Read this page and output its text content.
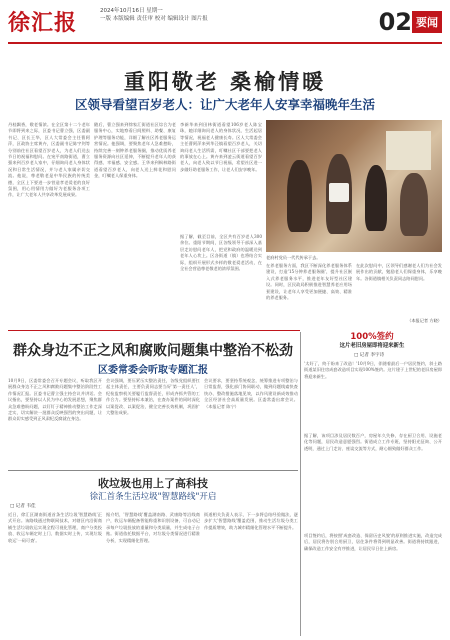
徐汇报	2024年10月16日 星期一
一版 本版编辑 责任审 校对 编辑设计 图片报	02 要闻
重阳敬老 桑榆情暖
区领导看望百岁老人：让广大老年人安享幸福晚年生活
丹桂飘香，敬老情浓。在全区第十二个老年节即将到来之际，区委书记曹立强，区委副书记、区长王华，区人大常委会主任曹阿萍，区政协主席黄卉，区委副书记陈宇剑等分别前往社区看望百岁老人，为老人们送去节日的祝福和慰问。在宛平南路街道，曹立强来到百岁老人家中，仔细询问老人身体状况和日常生活情况，并与老人家属亲切交流。他说，尊老敬老是中华民族的传统美德，全区上下要进一步营造孝老爱老的良好氛围，用心用情用力做好为老服务各项工作，让广大老年人共享改革发展成果。
随后，曹立强来到徐家汇街道社区综合为老服务中心，实地察看日间照料、助餐、康复护理等服务功能，详细了解社区养老服务运营情况。他强调，要聚焦老年人急难愁盼，持续完善一刻钟养老服务圈，推动优质养老服务资源向社区延伸，不断提升老年人的获得感、幸福感、安全感。王华来到枫林路街道看望百岁老人，向老人送上鲜花和慰问金，叮嘱老人保重身体。
李新华来到田林街道看望106岁老人陈宝珠，她详细询问老人的身体状况、生活起居等情况，祝福老人健康长寿。区人大常委会主任曹阿萍来到华泾镇看望百岁老人，关切询问老人生活所需，叮嘱社区干部要把老人的事放在心上。黄卉来到凌云街道看望百岁老人，向老人致以节日祝福，希望社区进一步做好助老服务工作，让老人们安享晚年。
据了解，截至目前，全区共有百岁老人300余位。重阳节期间，区各级领导干部深入基层走访慰问老年人，把党和政府的温暖送到老年人心坎上。区各街道（镇）也将结合实际，组织开展形式多样的敬老爱老活动，在全社会营造尊老敬老的浓厚氛围。
老府村党员一代代传承于去。
在养老服务方面，我区不断深化养老服务体系建设，打造'15分钟养老服务圈'，提升社区嵌入式养老服务水平，推进老年友好型社区建设。同时，区民政局积极推进智慧养老应用场景建设，让老年人享受更加便捷、高效、精准的养老服务。
在此次慰问中，区领导们感谢老人们为社会发展作出的贡献，勉励老人们保重身体，乐享晚年。各街道镇相关负责同志陪同慰问。
（本报记者 方晓）
群众身边不正之风和腐败问题集中整治不松劲
区委常委会听取专题汇报
10月9日，区委常委会召开专题会议，听取我区开展群众身边不正之风和腐败问题集中整治阶段性工作情况汇报。区委书记曹立强主持会议并讲话。会议指出，要坚持以人民为中心的发展思想，聚焦群众急难愁盼问题，以钉钉子精神推动整治工作走深走实，切实解决一批群众反映强烈的突出问题，让群众切实感受到正风肃纪反腐就在身边。
会议强调，要压紧压实整治责任，各级党组织要扛起主体责任，主要负责同志要当好'第一责任人'，纪检监察机关要履行监督责任，形成齐抓共管的工作合力。要坚持标本兼治，在查办案件的同时深化以案促改、以案促治，健全完善长效机制，巩固扩大整治成果。
会议要求，要坚持系统观念，统筹推进专项整治与日常监督，强化部门协同联动，做到问题线索快查快办、整改措施落地见效，以作风建设新成效推动全区经济社会高质量发展。区委常委出席会议。（本报记者 陈宁）
收垃圾也用上了高科技
徐汇首条生活垃圾"智慧路线"开启
□ 记者 韦佳
近日，徐汇区湖南街道首条生活垃圾'智慧路线'正式开启。该路线通过物联网技术，对辖区内沿街商铺生活垃圾收运实现全程可视化管理，商户分类投放、收运车辆定时上门、数据实时上传，实现垃圾收运'一码可查'。
据介绍，'智慧路线'覆盖湖南路、武康路等沿线商户，收运车辆配备智能称重和识别设备，可自动记录每户垃圾投放的重量和分类质量，并生成电子台账。街道依托数据平台，对垃圾分类情况进行精准分析，实现精细化管理。
街道相关负责人表示，下一步将总结经验做法，逐步扩大'智慧路线'覆盖范围，推动生活垃圾分类工作提质增效，助力城市精细化管理水平不断提升。
100%签约
这片老旧房屋即将迎来新生
□ 记者 李宇诗
'太好了，终于盼来了改造！'10月9日，伴随着最后一户居民签约，斜土路街道某旧住房成套改造项目实现100%签约。这片建于上世纪的老旧房屋即将迎来新生。
据了解，该项目涉及居民数百户，房屋年久失修，存在厨卫合用、设施老化等问题，居民改造意愿强烈。街道成立工作专班，坚持阳光征询、公开透明，通过上门走访、座谈交流等方式，耐心细致做好群众工作。
项目签约后，将按照'成套改造、保留历史风貌'的原则推进实施，改造完成后，居民将告别合用厨卫，居住条件将得到明显改善。街道将持续跟进，确保改造工作安全有序推进，让居民早日住上新房。
